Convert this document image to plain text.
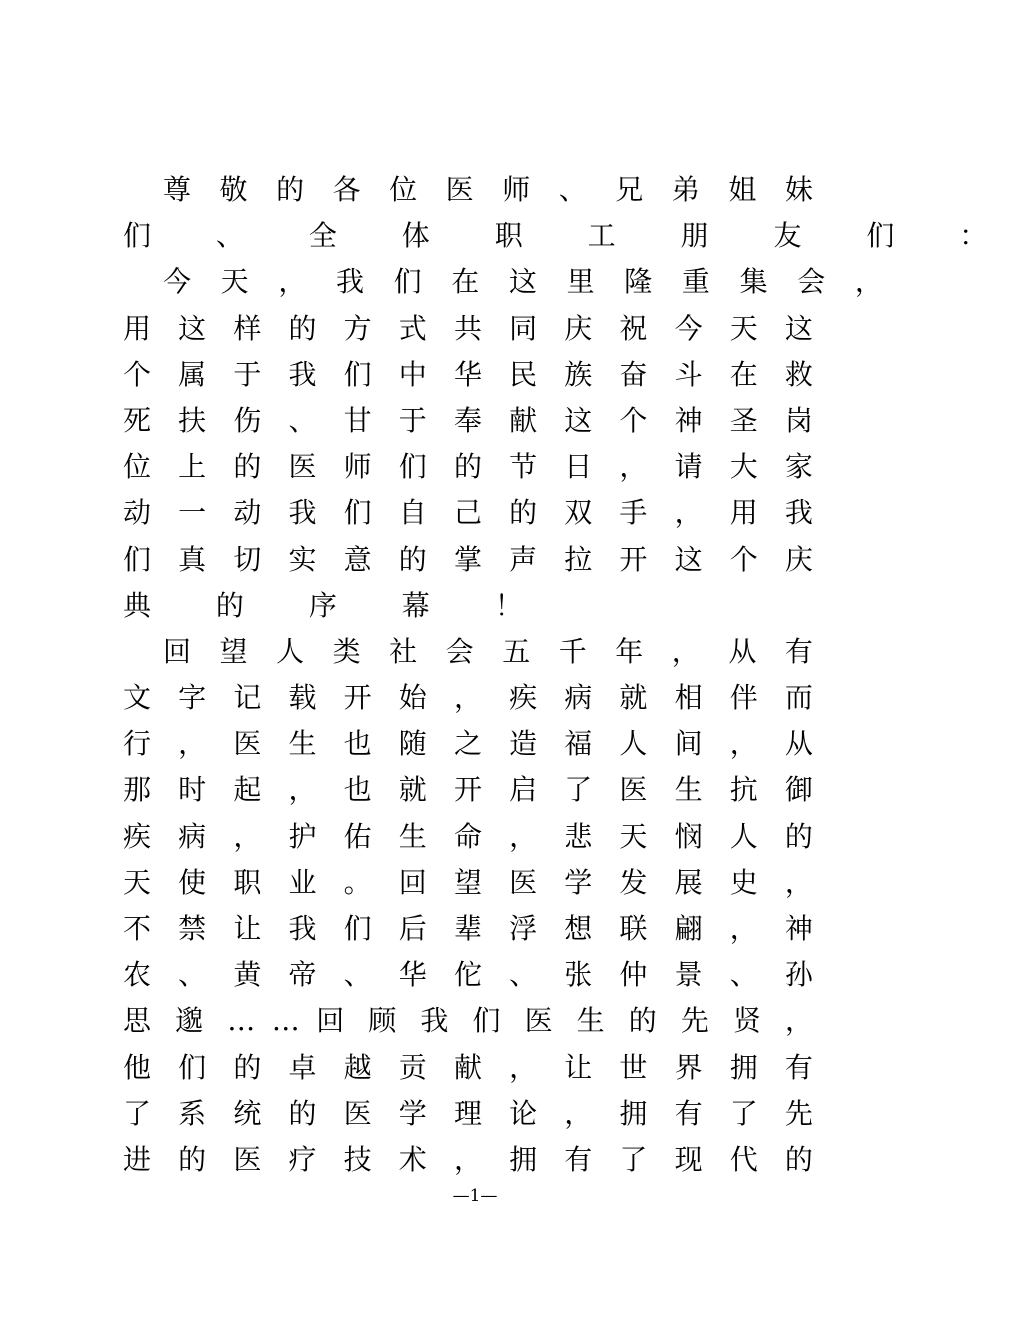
尊 敬 的 各 位 医 师 、 兄 弟 姐 妹
们 、 全 体 职 工 朋 友 们 ：
今 天 ， 我 们 在 这 里 隆 重 集 会 ，
用 这 样 的 方 式 共 同 庆 祝 今 天 这
个 属 于 我 们 中 华 民 族 奋 斗 在 救
死 扶 伤 、 甘 于 奉 献 这 个 神 圣 岗
位 上 的 医 师 们 的 节 日 ， 请 大 家
动 一 动 我 们 自 己 的 双 手 ， 用 我
们 真 切 实 意 的 掌 声 拉 开 这 个 庆
典 的 序 幕 ！
回 望 人 类 社 会 五 千 年 ， 从 有
文 字 记 载 开 始 ， 疾 病 就 相 伴 而
行 ， 医 生 也 随 之 造 福 人 间 ， 从
那 时 起 ， 也 就 开 启 了 医 生 抗 御
疾 病 ， 护 佑 生 命 ， 悲 天 悯 人 的
天 使 职 业 。 回 望 医 学 发 展 史 ，
不 禁 让 我 们 后 辈 浮 想 联 翩 ， 神
农 、 黄 帝 、 华 佗 、 张 仲 景 、 孙
思 邈 … … 回 顾 我 们 医 生 的 先 贤 ，
他 们 的 卓 越 贡 献 ， 让 世 界 拥 有
了 系 统 的 医 学 理 论 ， 拥 有 了 先
进 的 医 疗 技 术 ， 拥 有 了 现 代 的
—1—
